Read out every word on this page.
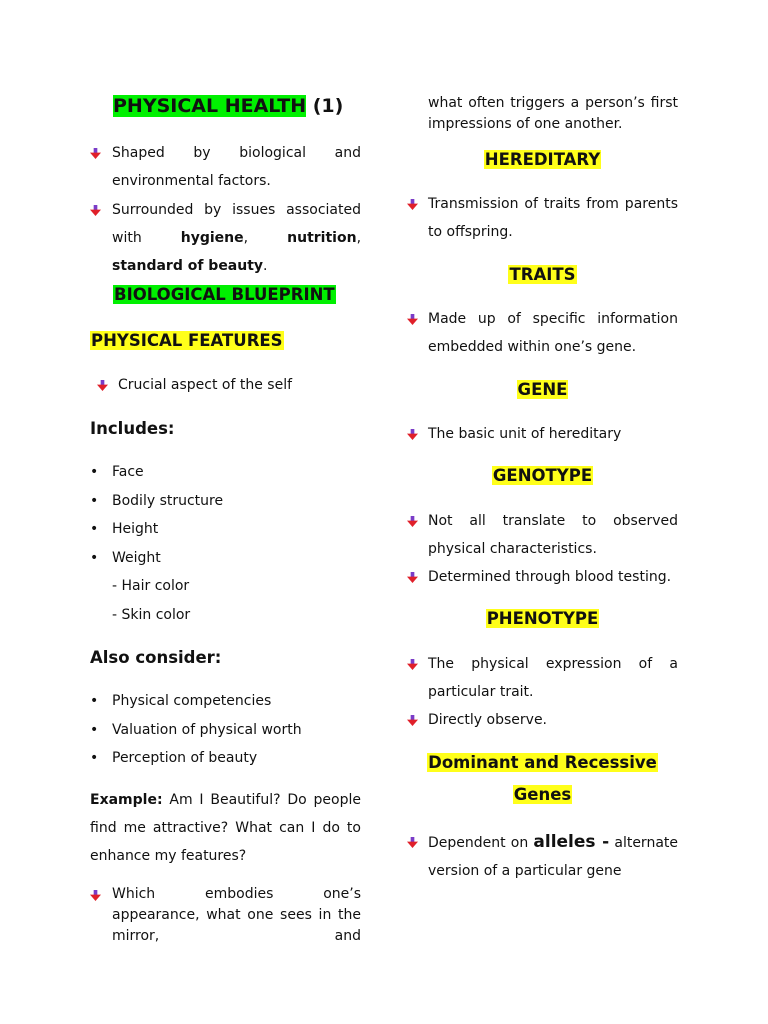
PHYSICAL HEALTH (1)
Shaped by biological and environmental factors.
Surrounded by issues associated with hygiene, nutrition, standard of beauty.
BIOLOGICAL BLUEPRINT
PHYSICAL FEATURES
Crucial aspect of the self
Includes:
• Face
• Bodily structure
• Height
• Weight
- Hair color
- Skin color
Also consider:
• Physical competencies
• Valuation of physical worth
• Perception of beauty
Example: Am I Beautiful? Do people find me attractive? What can I do to enhance my features?
Which embodies one’s appearance, what one sees in the mirror, and
what often triggers a person’s first impressions of one another.
HEREDITARY
Transmission of traits from parents to offspring.
TRAITS
Made up of specific information embedded within one’s gene.
GENE
The basic unit of hereditary
GENOTYPE
Not all translate to observed physical characteristics.
Determined through blood testing.
PHENOTYPE
The physical expression of a particular trait.
Directly observe.
Dominant and Recessive
Genes
Dependent on alleles - alternate version of a particular gene
